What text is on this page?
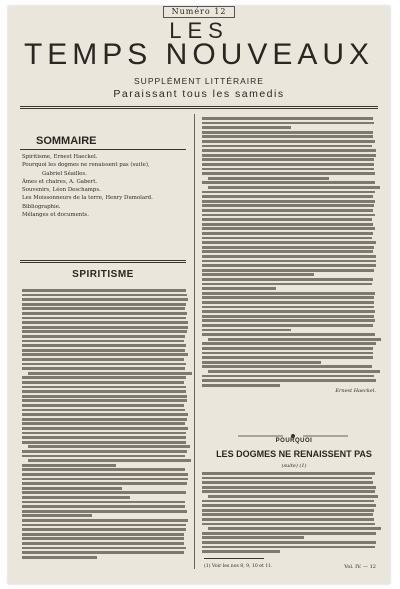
Numéro 12
LES
TEMPS NOUVEAUX
SUPPLÉMENT LITTÉRAIRE
Paraissant tous les samedis
SOMMAIRE
Spiritisme, Ernest Haeckel.
Pourquoi les dogmes ne renaissent pas (suite),
Gabriel Séailles.
Âmes et chaires, A. Gabert.
Souvenirs, Léon Deschamps.
Les Moissonneurs de la terre, Henry Dumolard.
Bibliographie.
Mélanges et documents.
SPIRITISME
Ernest Haeckel.
POURQUOI
LES DOGMES NE RENAISSENT PAS
(suite) (1)
(1) Voir les nos 8, 9, 10 et 11.	Vol. IV. — 12
